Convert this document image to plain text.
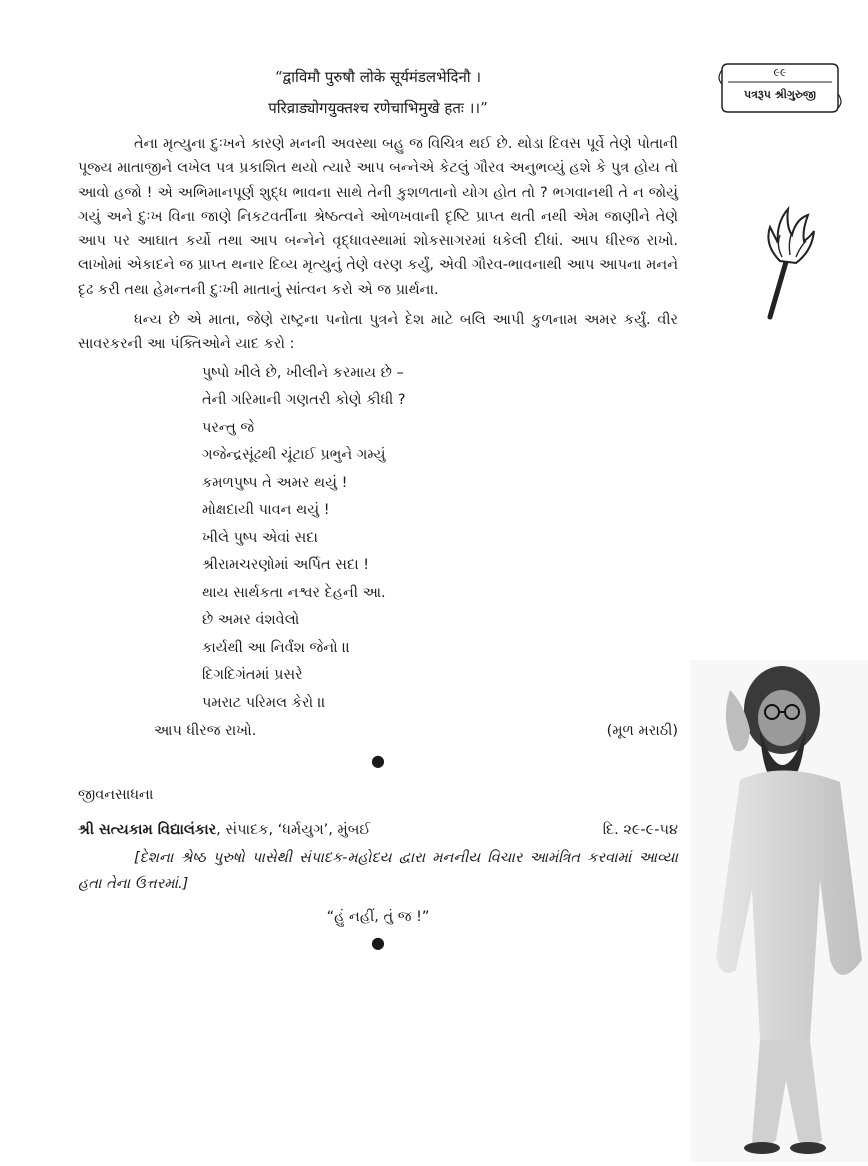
૯૯
પત્રરૂપ શ્રીગુરુજી
“द्वाविमौ पुरुषौ लोके सूर्यमंडलभेदिनौ ।
परिव्राड्योगयुक्तश्च रणेचाभिमुखे हतः ।।”

તેના મૃત્યુના દુઃખને કારણે મનની અવસ્થા બહુ જ વિચિત્ર થઈ છે. થોડા દિવસ પૂર્વે તેણે પોતાની પૂજ્ય માતાજીને લખેલ પત્ર પ્રકાશિત થયો ત્યારે આપ બન્નેએ કેટલું ગૌરવ અનુભવ્યું હશે કે પુત્ર હોય તો આવો હજો ! એ અભિમાનપૂર્ણ શુદ્ધ ભાવના સાથે તેની કુશળતાનો યોગ હોત તો ? ભગવાનથી તે ન જોયું ગયું અને દુઃખ વિના જાણે નિકટવર્તીના શ્રેષ્ઠત્વને ઓળખવાની દૃષ્ટિ પ્રાપ્ત થતી નથી એમ જાણીને તેણે આપ પર આઘાત કર્યો તથા આપ બન્નેને વૃદ્ધાવસ્થામાં શોકસાગરમાં ધકેલી દીધાં. આપ ધીરજ રાખો. લાખોમાં એકાદને જ પ્રાપ્ત થનાર દિવ્ય મૃત્યુનું તેણે વરણ કર્યું, એવી ગૌરવ-ભાવનાથી આપ આપના મનને દૃઢ કરી તથા હેમન્તની દુઃખી માતાનું સાંત્વન કરો એ જ પ્રાર્થના.

ધન્ય છે એ માતા, જેણે રાષ્ટ્રના પનોતા પુત્રને દેશ માટે બલિ આપી કુળનામ અમર કર્યું. વીર સાવરકરની આ પંક્તિઓને યાદ કરો :

પુષ્પો ખીલે છે, ખીલીને કરમાય છે –
તેની ગરિમાની ગણતરી કોણે કીધી ?
પરન્તુ જે
ગજેન્દ્રસૂંઢથી ચૂંટાઈ પ્રભુને ગમ્યું
કમળપુષ્પ તે અમર થયું !
મોક્ષદાયી પાવન થયું !
ખીલે પુષ્પ એવાં સદા
શ્રીરામચરણોમાં અર્પિત સદા !
થાય સાર્થકતા નશ્વર દેહની આ.
છે અમર વંશવેલો
કાર્યથી આ નિર્વંશ જેનો ।।
દિગદિગંતમાં પ્રસરે
પમરાટ પરિમલ કેરો ।।
આપ ધીરજ રાખો.	(મૂળ મરાઠી)
●
જીવનસાધના
શ્રી સત્યકામ વિદ્યાલંકાર, સંપાદક, ‘ધર્મયુગ’, મુંબઈ	દિ. ૨૯-૯-૫૪
[દેશના શ્રેષ્ઠ પુરુષો પાસેથી સંપાદક-મહોદય દ્વારા મનનીય વિચાર આમંત્રિત કરવામાં આવ્યા હતા તેના ઉત્તરમાં.]
“હું નહીં, તું જ !”
●
